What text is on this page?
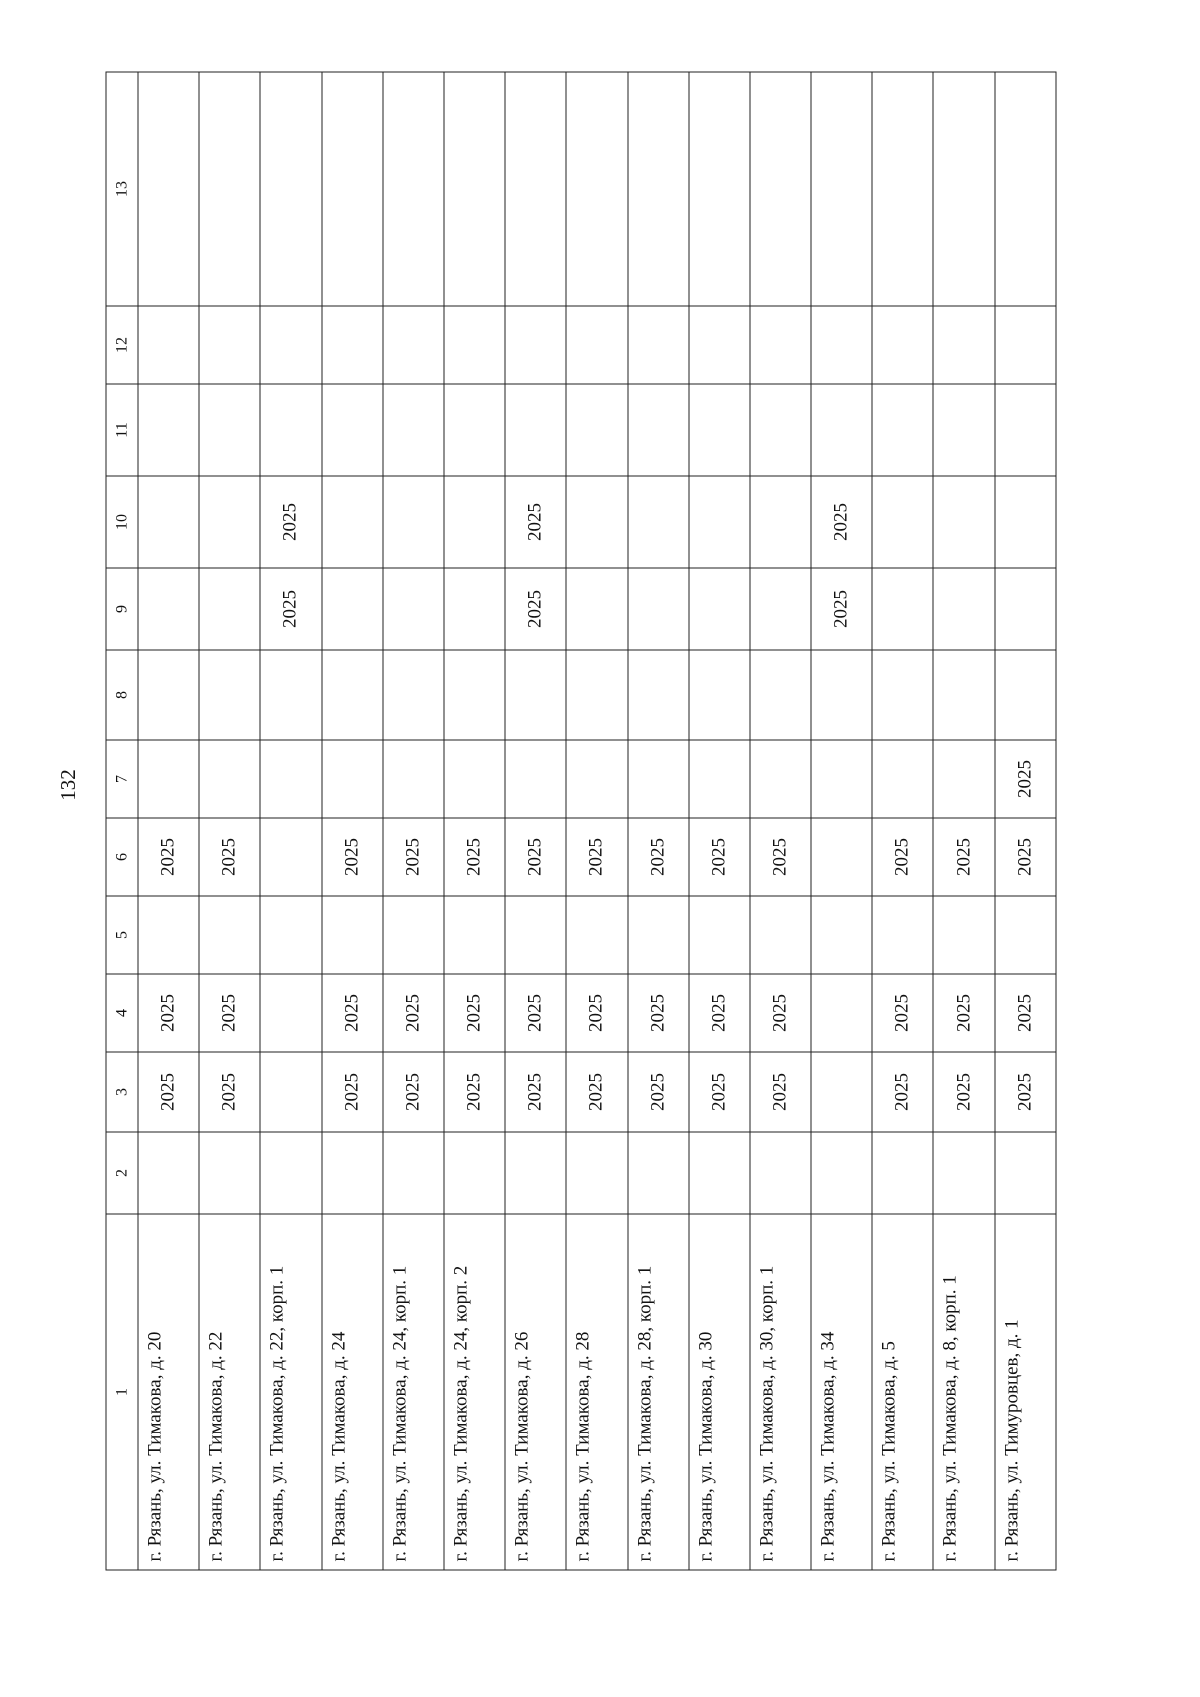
132
1	2	3	4	5	6	7	8	9	10	11	12	13
г. Рязань, ул. Тимакова, д. 20		2025	2025		2025							
г. Рязань, ул. Тимакова, д. 22		2025	2025		2025							
г. Рязань, ул. Тимакова, д. 22, корп. 1								2025	2025			
г. Рязань, ул. Тимакова, д. 24		2025	2025		2025							
г. Рязань, ул. Тимакова, д. 24, корп. 1		2025	2025		2025							
г. Рязань, ул. Тимакова, д. 24, корп. 2		2025	2025		2025							
г. Рязань, ул. Тимакова, д. 26		2025	2025		2025			2025	2025			
г. Рязань, ул. Тимакова, д. 28		2025	2025		2025							
г. Рязань, ул. Тимакова, д. 28, корп. 1		2025	2025		2025							
г. Рязань, ул. Тимакова, д. 30		2025	2025		2025							
г. Рязань, ул. Тимакова, д. 30, корп. 1		2025	2025		2025							
г. Рязань, ул. Тимакова, д. 34								2025	2025			
г. Рязань, ул. Тимакова, д. 5		2025	2025		2025							
г. Рязань, ул. Тимакова, д. 8, корп. 1		2025	2025		2025							
г. Рязань, ул. Тимуровцев, д. 1		2025	2025		2025	2025						
